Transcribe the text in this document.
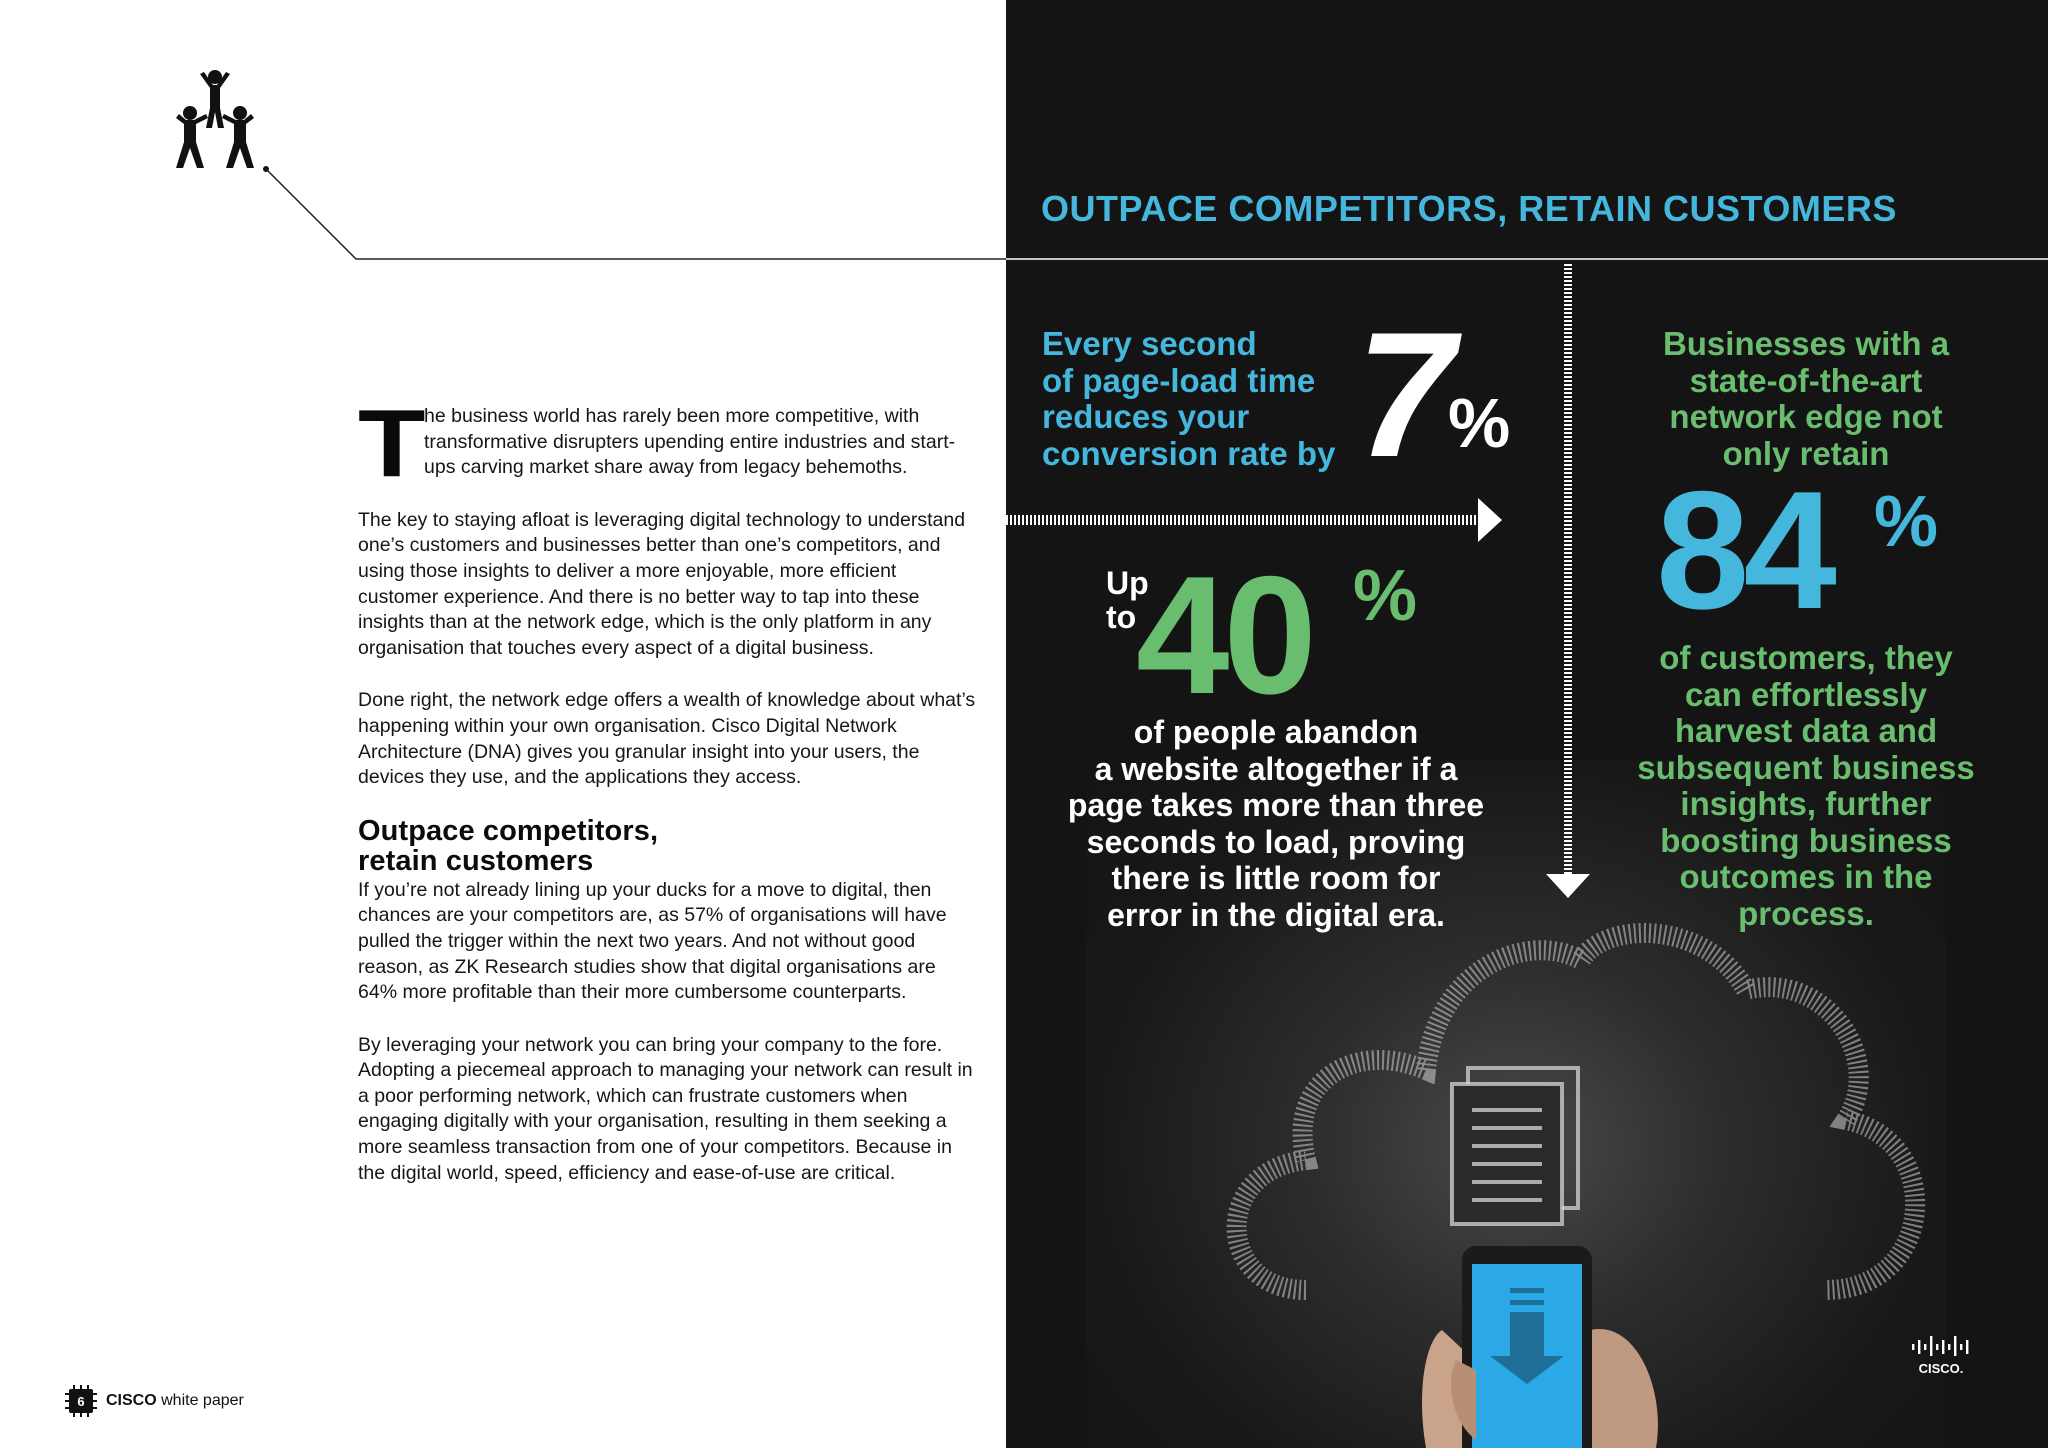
The business world has rarely been more competitive, with transformative disrupters upending entire industries and start-ups carving market share away from legacy behemoths.

The key to staying afloat is leveraging digital technology to understand one’s customers and businesses better than one’s competitors, and using those insights to deliver a more enjoyable, more efficient customer experience. And there is no better way to tap into these insights than at the network edge, which is the only platform in any organisation that touches every aspect of a digital business.

Done right, the network edge offers a wealth of knowledge about what’s happening within your own organisation. Cisco Digital Network Architecture (DNA) gives you granular insight into your users, the devices they use, and the applications they access.

Outpace competitors,
retain customers

If you’re not already lining up your ducks for a move to digital, then chances are your competitors are, as 57% of organisations will have pulled the trigger within the next two years. And not without good reason, as ZK Research studies show that digital organisations are 64% more profitable than their more cumbersome counterparts.

By leveraging your network you can bring your company to the fore. Adopting a piecemeal approach to managing your network can result in a poor performing network, which can frustrate customers when engaging digitally with your organisation, resulting in them seeking a more seamless transaction from one of your competitors. Because in the digital world, speed, efficiency and ease-of-use are critical.

6	CISCO white paper
OUTPACE COMPETITORS, RETAIN CUSTOMERS
Every second
of page-load time
reduces your
conversion rate by 7 %
Up
to 40 %
of people abandon
a website altogether if a
page takes more than three
seconds to load, proving
there is little room for
error in the digital era.
Businesses with a
state-of-the-art
network edge not
only retain
84 %
of customers, they
can effortlessly
harvest data and
subsequent business
insights, further
boosting business
outcomes in the
process.
CISCO.
